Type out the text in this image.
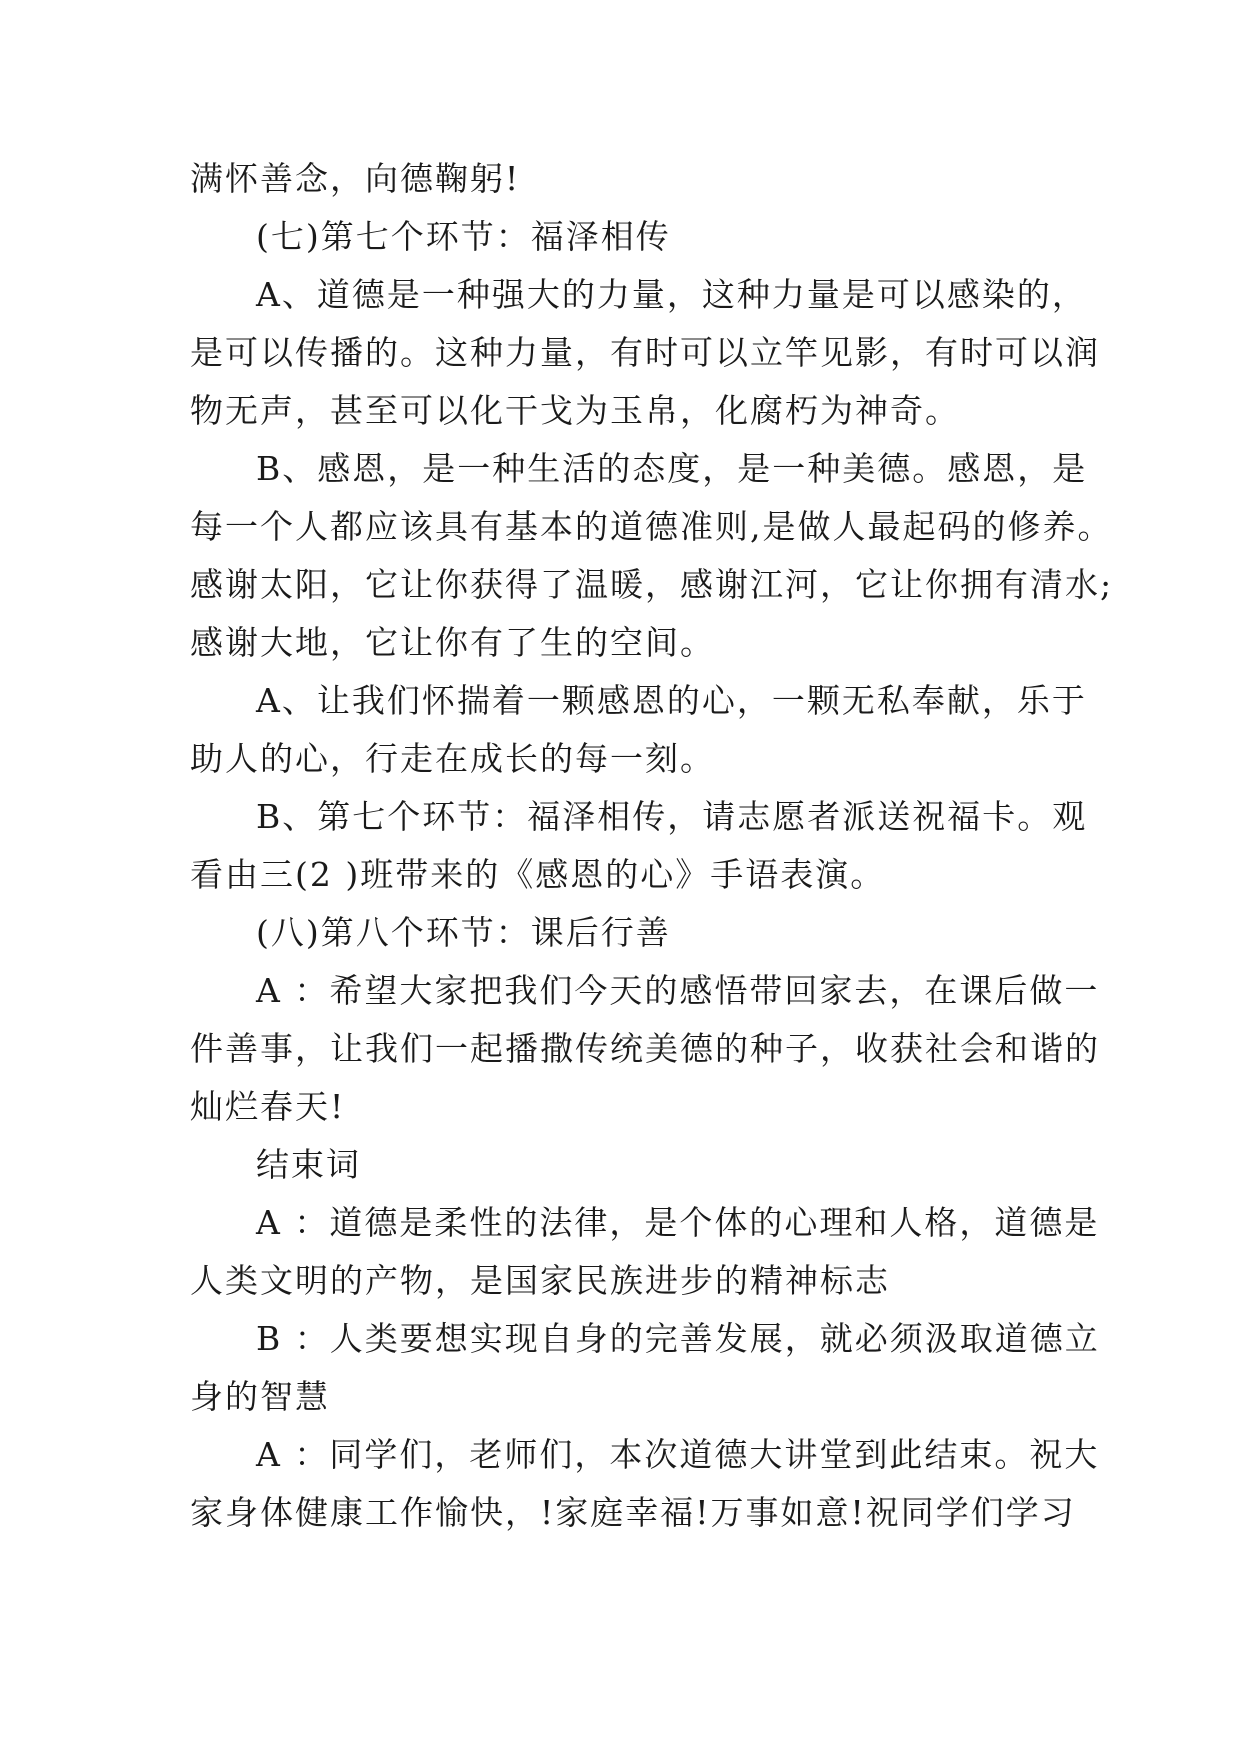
满怀善念，向德鞠躬!
(七)第七个环节：福泽相传
A、道德是一种强大的力量，这种力量是可以感染的，
是可以传播的。这种力量，有时可以立竿见影，有时可以润
物无声，甚至可以化干戈为玉帛，化腐朽为神奇。
B、感恩，是一种生活的态度，是一种美德。感恩，是
每一个人都应该具有基本的道德准则,是做人最起码的修养。
感谢太阳，它让你获得了温暖，感谢江河，它让你拥有清水;
感谢大地，它让你有了生的空间。
A、让我们怀揣着一颗感恩的心，一颗无私奉献，乐于
助人的心，行走在成长的每一刻。
B、第七个环节：福泽相传，请志愿者派送祝福卡。观
看由三(2 )班带来的《感恩的心》手语表演。
(八)第八个环节：课后行善
A ：希望大家把我们今天的感悟带回家去，在课后做一
件善事，让我们一起播撒传统美德的种子，收获社会和谐的
灿烂春天!
结束词
A ：道德是柔性的法律，是个体的心理和人格，道德是
人类文明的产物，是国家民族进步的精神标志
B ：人类要想实现自身的完善发展，就必须汲取道德立
身的智慧
A ：同学们，老师们，本次道德大讲堂到此结束。祝大
家身体健康工作愉快，!家庭幸福!万事如意!祝同学们学习
